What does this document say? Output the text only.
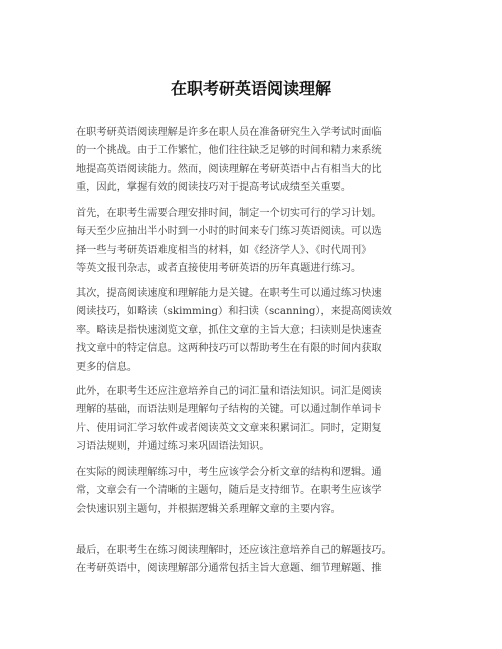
在职考研英语阅读理解

在职考研英语阅读理解是许多在职人员在准备研究生入学考试时面临
的一个挑战。由于工作繁忙，他们往往缺乏足够的时间和精力来系统
地提高英语阅读能力。然而，阅读理解在考研英语中占有相当大的比
重，因此，掌握有效的阅读技巧对于提高考试成绩至关重要。

首先，在职考生需要合理安排时间，制定一个切实可行的学习计划。
每天至少应抽出半小时到一小时的时间来专门练习英语阅读。可以选
择一些与考研英语难度相当的材料，如《经济学人》、《时代周刊》
等英文报刊杂志，或者直接使用考研英语的历年真题进行练习。

其次，提高阅读速度和理解能力是关键。在职考生可以通过练习快速
阅读技巧，如略读（skimming）和扫读（scanning），来提高阅读效
率。略读是指快速浏览文章，抓住文章的主旨大意；扫读则是快速查
找文章中的特定信息。这两种技巧可以帮助考生在有限的时间内获取
更多的信息。

此外，在职考生还应注意培养自己的词汇量和语法知识。词汇是阅读
理解的基础，而语法则是理解句子结构的关键。可以通过制作单词卡
片、使用词汇学习软件或者阅读英文文章来积累词汇。同时，定期复
习语法规则，并通过练习来巩固语法知识。

在实际的阅读理解练习中，考生应该学会分析文章的结构和逻辑。通
常，文章会有一个清晰的主题句，随后是支持细节。在职考生应该学
会快速识别主题句，并根据逻辑关系理解文章的主要内容。

最后，在职考生在练习阅读理解时，还应该注意培养自己的解题技巧。
在考研英语中，阅读理解部分通常包括主旨大意题、细节理解题、推
